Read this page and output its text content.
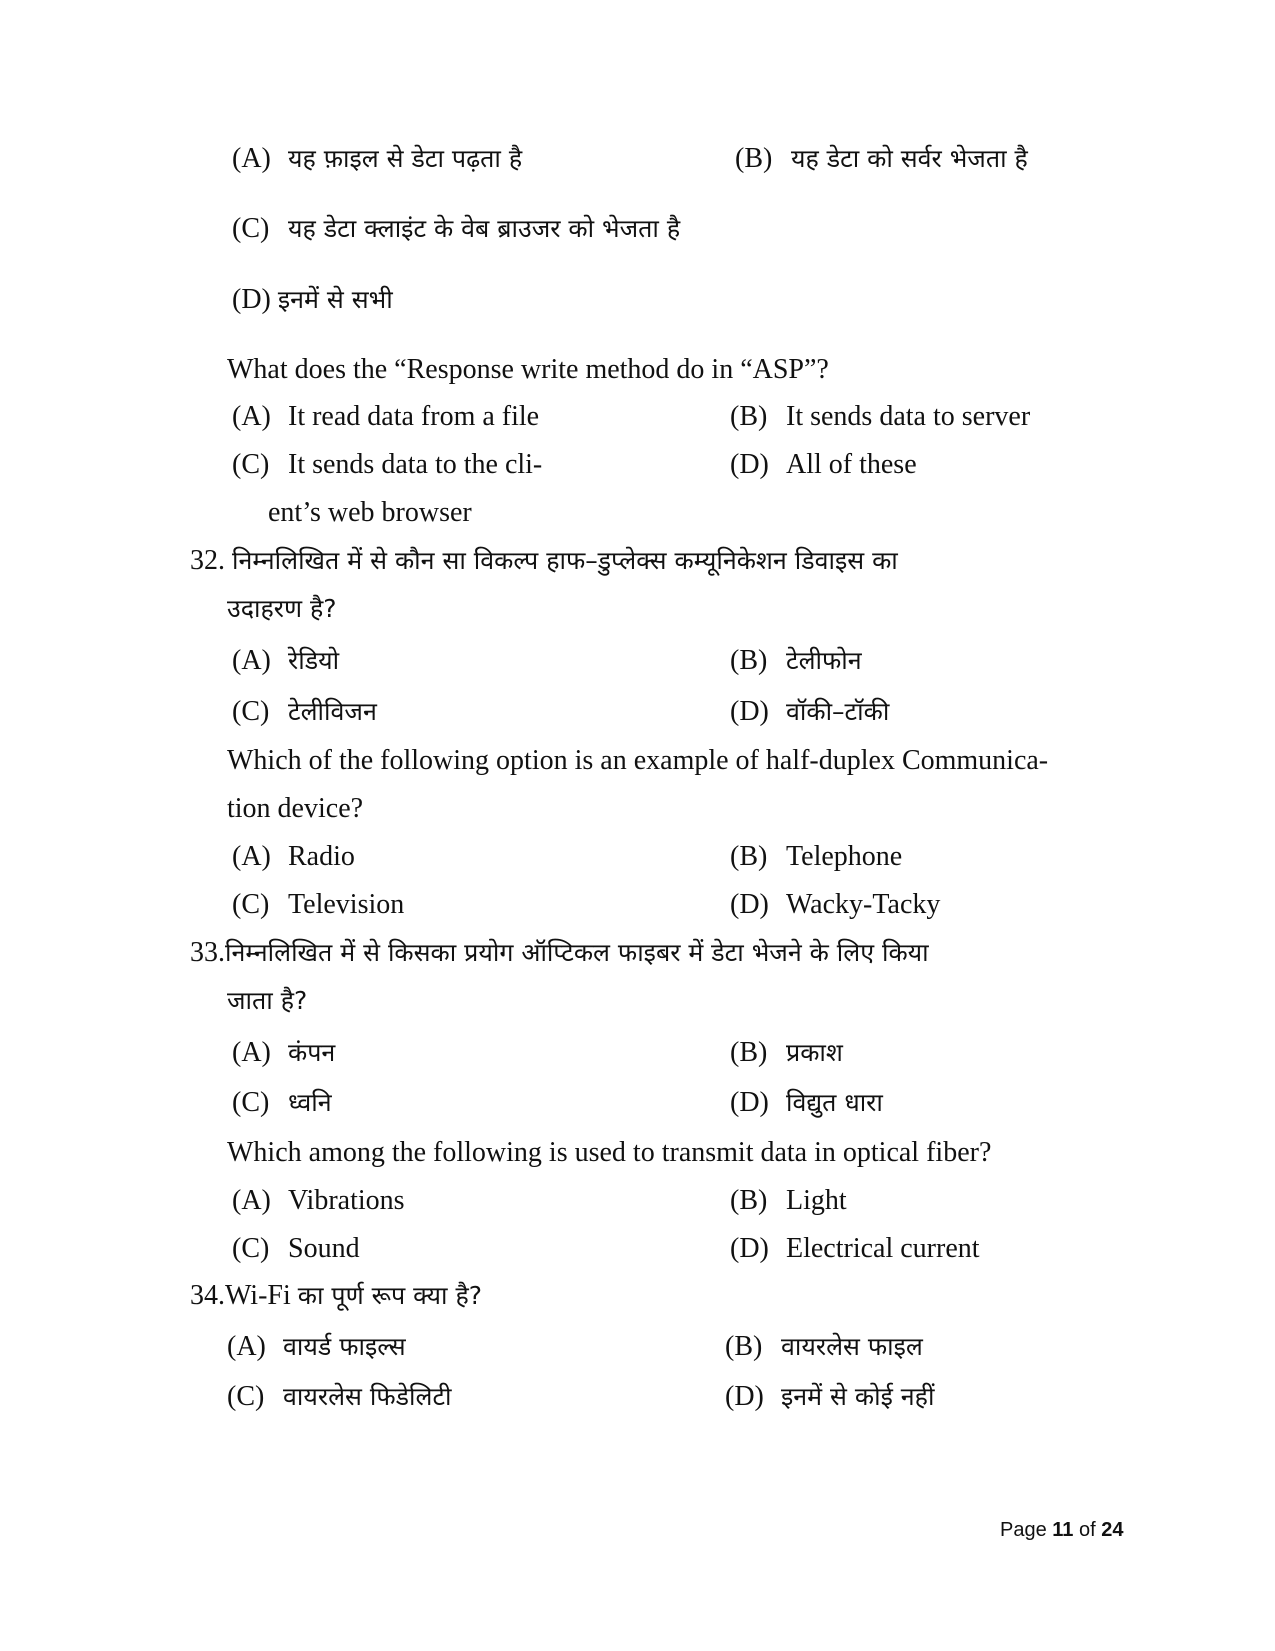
(A) यह फ़ाइल से डेटा पढ़ता है	(B) यह डेटा को सर्वर भेजता है
(C) यह डेटा क्लाइंट के वेब ब्राउजर को भेजता है
(D) इनमें से सभी
What does the “Response write method do in “ASP”?
(A) It read data from a file	(B) It sends data to server
(C) It sends data to the cli-	(D) All of these
ent’s web browser
32. निम्नलिखित में से कौन सा विकल्प हाफ–डुप्लेक्स कम्यूनिकेशन डिवाइस का
उदाहरण है?
(A) रेडियो	(B) टेलीफोन
(C) टेलीविजन	(D) वॉकी–टॉकी
Which of the following option is an example of half-duplex Communica-
tion device?
(A) Radio	(B) Telephone
(C) Television	(D) Wacky-Tacky
33.निम्नलिखित में से किसका प्रयोग ऑप्टिकल फाइबर में डेटा भेजने के लिए किया
जाता है?
(A) कंपन	(B) प्रकाश
(C) ध्वनि	(D) विद्युत धारा
Which among the following is used to transmit data in optical fiber?
(A) Vibrations	(B) Light
(C) Sound	(D) Electrical current
34.Wi-Fi का पूर्ण रूप क्या है?
(A) वायर्ड फाइल्स	(B) वायरलेस फाइल
(C) वायरलेस फिडेलिटी	(D) इनमें से कोई नहीं
Page 11 of 24
